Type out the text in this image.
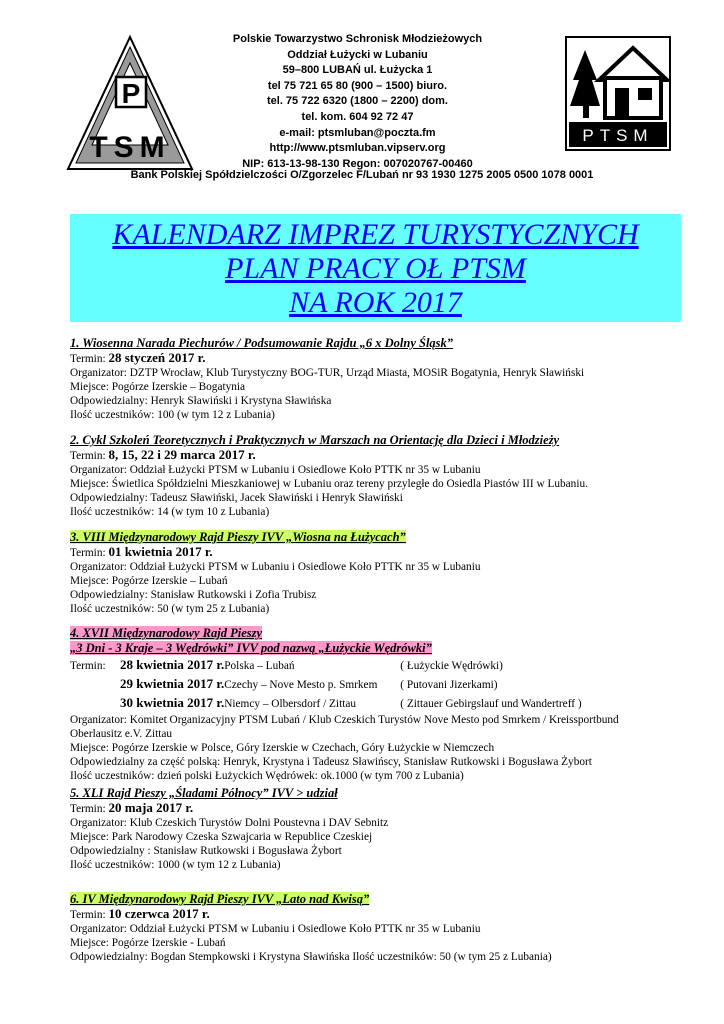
P
TSM
Polskie Towarzystwo Schronisk Młodzieżowych
Oddział Łużycki w Lubaniu
59–800 LUBAŃ ul. Łużycka 1
tel 75 721 65 80 (900 – 1500) biuro.
tel. 75 722 6320 (1800 – 2200) dom.
tel. kom. 604 92 72 47
e-mail: ptsmluban@poczta.fm
http://www.ptsmluban.vipserv.org
NIP: 613-13-98-130 Regon: 007020767-00460
PTSM
Bank Polskiej Spółdzielczości O/Zgorzelec F/Lubań nr 93 1930 1275 2005 0500 1078 0001
KALENDARZ IMPREZ TURYSTYCZNYCH
PLAN PRACY OŁ PTSM
NA ROK 2017
1. Wiosenna Narada Piechurów / Podsumowanie Rajdu „6 x Dolny Śląsk”
Termin: 28 styczeń 2017 r.
Organizator: DZTP Wrocław, Klub Turystyczny BOG-TUR, Urząd Miasta, MOSiR Bogatynia, Henryk Sławiński
Miejsce: Pogórze Izerskie – Bogatynia
Odpowiedzialny: Henryk Sławiński i Krystyna Sławińska
Ilość uczestników: 100 (w tym 12 z Lubania)
2. Cykl Szkoleń Teoretycznych i Praktycznych w Marszach na Orientację dla Dzieci i Młodzieży
Termin: 8, 15, 22 i 29 marca 2017 r.
Organizator: Oddział Łużycki PTSM w Lubaniu i Osiedlowe Koło PTTK nr 35 w Lubaniu
Miejsce: Świetlica Spółdzielni Mieszkaniowej w Lubaniu oraz tereny przyległe do Osiedla Piastów III w Lubaniu.
Odpowiedzialny: Tadeusz Sławiński, Jacek Sławiński i Henryk Sławiński
Ilość uczestników: 14 (w tym 10 z Lubania)
3. VIII Międzynarodowy Rajd Pieszy IVV „Wiosna na Łużycach”
Termin: 01 kwietnia 2017 r.
Organizator: Oddział Łużycki PTSM w Lubaniu i Osiedlowe Koło PTTK nr 35 w Lubaniu
Miejsce: Pogórze Izerskie – Lubań
Odpowiedzialny: Stanisław Rutkowski i Zofia Trubisz
Ilość uczestników: 50 (w tym 25 z Lubania)
4. XVII Międzynarodowy Rajd Pieszy
„3 Dni - 3 Kraje – 3 Wędrówki” IVV pod nazwą „Łużyckie Wędrówki”
Termin:28 kwietnia 2017 r.Polska – Lubań	( Łużyckie Wędrówki)
29 kwietnia 2017 r.Czechy – Nove Mesto p. Smrkem ( Putovani Jizerkami)
30 kwietnia 2017 r.Niemcy – Olbersdorf / Zittau	( Zittauer Gebirgslauf und Wandertreff )
Organizator: Komitet Organizacyjny PTSM Lubań / Klub Czeskich Turystów Nove Mesto pod Smrkem / Kreissportbund
Oberlausitz e.V. Zittau
Miejsce: Pogórze Izerskie w Polsce, Góry Izerskie w Czechach, Góry Łużyckie w Niemczech
Odpowiedzialny za część polską: Henryk, Krystyna i Tadeusz Sławińscy, Stanisław Rutkowski i Bogusława Żybort
Ilość uczestników: dzień polski Łużyckich Wędrówek: ok.1000 (w tym 700 z Lubania)
5. XLI Rajd Pieszy „Śladami Północy” IVV > udział
Termin: 20 maja 2017 r.
Organizator: Klub Czeskich Turystów Dolni Poustevna i DAV Sebnitz
Miejsce: Park Narodowy Czeska Szwajcaria w Republice Czeskiej
Odpowiedzialny : Stanisław Rutkowski i Bogusława Żybort
Ilość uczestników: 1000 (w tym 12 z Lubania)
6. IV Międzynarodowy Rajd Pieszy IVV „Lato nad Kwisą”
Termin: 10 czerwca 2017 r.
Organizator: Oddział Łużycki PTSM w Lubaniu i Osiedlowe Koło PTTK nr 35 w Lubaniu
Miejsce: Pogórze Izerskie - Lubań
Odpowiedzialny: Bogdan Stempkowski i Krystyna Sławińska Ilość uczestników: 50 (w tym 25 z Lubania)
